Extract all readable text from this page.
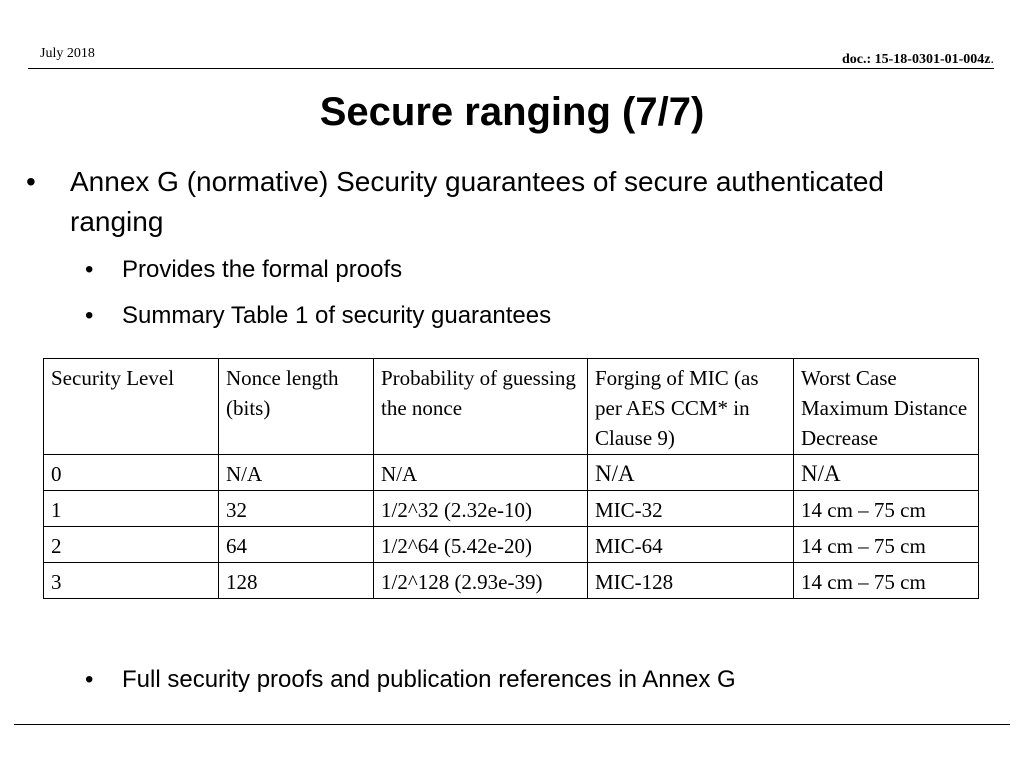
July 2018	doc.: 15-18-0301-01-004z.
Secure ranging (7/7)
• Annex G (normative) Security guarantees of secure authenticated ranging
• Provides the formal proofs
• Summary Table 1 of security guarantees
Security Level	Nonce length (bits)	Probability of guessing the nonce	Forging of MIC (as per AES CCM* in Clause 9)	Worst Case Maximum Distance Decrease
0	N/A	N/A	N/A	N/A
1	32	1/2^32 (2.32e-10)	MIC-32	14 cm – 75 cm
2	64	1/2^64 (5.42e-20)	MIC-64	14 cm – 75 cm
3	128	1/2^128 (2.93e-39)	MIC-128	14 cm – 75 cm
• Full security proofs and publication references in Annex G
